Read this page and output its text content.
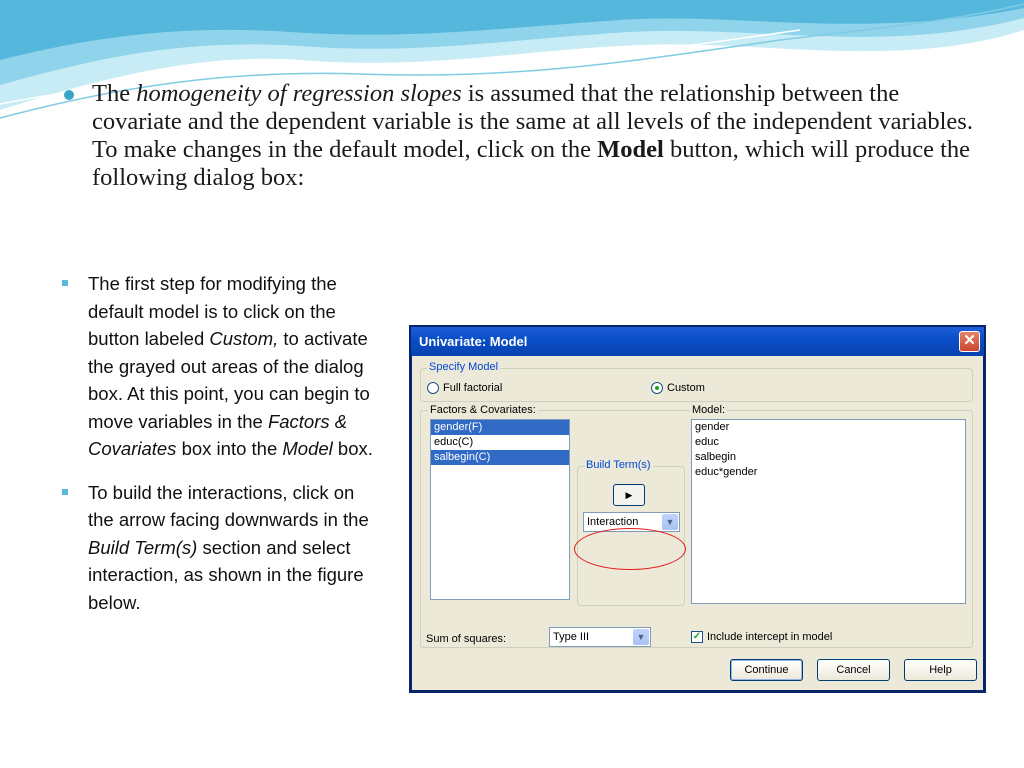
The homogeneity of regression slopes is assumed that the relationship between the covariate and the dependent variable is the same at all levels of the independent variables. To make changes in the default model, click on the Model button, which will produce the following dialog box:
The first step for modifying the default model is to click on the button labeled Custom, to activate the grayed out areas of the dialog box. At this point, you can begin to move variables in the Factors & Covariates box into the Model box.
To build the interactions, click on the arrow facing downwards in the Build Term(s) section and select interaction, as shown in the figure below.
Univariate: Model	✕
Specify Model
Full factorial	Custom
Factors & Covariates:
gender(F)
educ(C)
salbegin(C)
Model:
gender
educ
salbegin
educ*gender
Build Term(s)
▶
Interaction	▼
Sum of squares:	Type III	▼	✓ Include intercept in model
Continue	Cancel	Help
